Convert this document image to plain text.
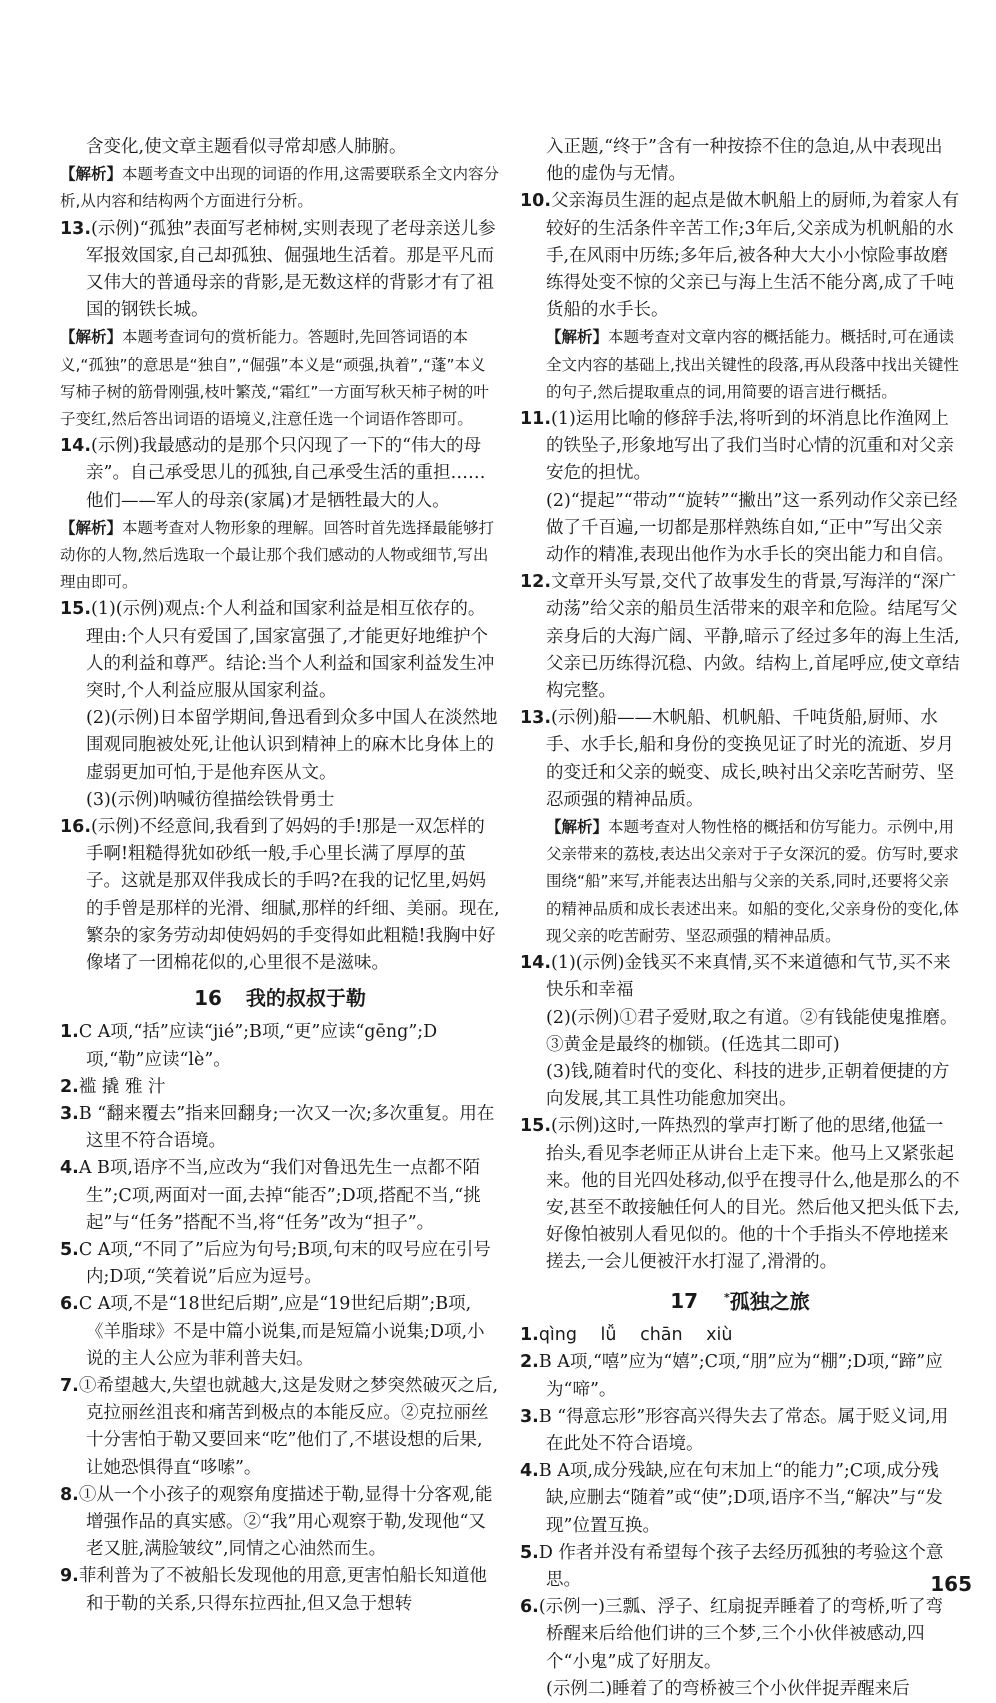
含变化,使文章主题看似寻常却感人肺腑。

【解析】本题考查文中出现的词语的作用,这需要联系全文内容分析,从内容和结构两个方面进行分析。

13.(示例)“孤独”表面写老柿树,实则表现了老母亲送儿参军报效国家,自己却孤独、倔强地生活着。那是平凡而又伟大的普通母亲的背影,是无数这样的背影才有了祖国的钢铁长城。

【解析】本题考查词句的赏析能力。答题时,先回答词语的本义,“孤独”的意思是“独自”,“倔强”本义是“顽强,执着”,“蓬”本义写柿子树的筋骨刚强,枝叶繁茂,“霜红”一方面写秋天柿子树的叶子变红,然后答出词语的语境义,注意任选一个词语作答即可。

14.(示例)我最感动的是那个只闪现了一下的“伟大的母亲”。自己承受思儿的孤独,自己承受生活的重担……他们——军人的母亲(家属)才是牺牲最大的人。

【解析】本题考查对人物形象的理解。回答时首先选择最能够打动你的人物,然后选取一个最让那个我们感动的人物或细节,写出理由即可。

15.(1)(示例)观点:个人利益和国家利益是相互依存的。理由:个人只有爱国了,国家富强了,才能更好地维护个人的利益和尊严。结论:当个人利益和国家利益发生冲突时,个人利益应服从国家利益。

(2)(示例)日本留学期间,鲁迅看到众多中国人在淡然地围观同胞被处死,让他认识到精神上的麻木比身体上的虚弱更加可怕,于是他弃医从文。

(3)(示例)呐喊彷徨描绘铁骨勇士

16.(示例)不经意间,我看到了妈妈的手!那是一双怎样的手啊!粗糙得犹如砂纸一般,手心里长满了厚厚的茧子。这就是那双伴我成长的手吗?在我的记忆里,妈妈的手曾是那样的光滑、细腻,那样的纤细、美丽。现在,繁杂的家务劳动却使妈妈的手变得如此粗糙!我胸中好像堵了一团棉花似的,心里很不是滋味。

16 我的叔叔于勒

1.C A项,“括”应读“jié”;B项,“更”应读“gēng”;D项,“勒”应读“lè”。

2.褴 撬 雅 汁

3.B “翻来覆去”指来回翻身;一次又一次;多次重复。用在这里不符合语境。

4.A B项,语序不当,应改为“我们对鲁迅先生一点都不陌生”;C项,两面对一面,去掉“能否”;D项,搭配不当,“挑起”与“任务”搭配不当,将“任务”改为“担子”。

5.C A项,“不同了”后应为句号;B项,句末的叹号应在引号内;D项,“笑着说”后应为逗号。

6.C A项,不是“18世纪后期”,应是“19世纪后期”;B项,《羊脂球》不是中篇小说集,而是短篇小说集;D项,小说的主人公应为菲利普夫妇。

7.①希望越大,失望也就越大,这是发财之梦突然破灭之后,克拉丽丝沮丧和痛苦到极点的本能反应。②克拉丽丝十分害怕于勒又要回来“吃”他们了,不堪设想的后果,让她恐惧得直“哆嗦”。

8.①从一个小孩子的观察角度描述于勒,显得十分客观,能增强作品的真实感。②“我”用心观察于勒,发现他“又老又脏,满脸皱纹”,同情之心油然而生。

9.菲利普为了不被船长发现他的用意,更害怕船长知道他和于勒的关系,只得东拉西扯,但又急于想转

入正题,“终于”含有一种按捺不住的急迫,从中表现出他的虚伪与无情。

10.父亲海员生涯的起点是做木帆船上的厨师,为着家人有较好的生活条件辛苦工作;3年后,父亲成为机帆船的水手,在风雨中历练;多年后,被各种大大小小惊险事故磨练得处变不惊的父亲已与海上生活不能分离,成了千吨货船的水手长。

【解析】本题考查对文章内容的概括能力。概括时,可在通读全文内容的基础上,找出关键性的段落,再从段落中找出关键性的句子,然后提取重点的词,用简要的语言进行概括。

11.(1)运用比喻的修辞手法,将听到的坏消息比作渔网上的铁坠子,形象地写出了我们当时心情的沉重和对父亲安危的担忧。

(2)“提起”“带动”“旋转”“撇出”这一系列动作父亲已经做了千百遍,一切都是那样熟练自如,“正中”写出父亲动作的精准,表现出他作为水手长的突出能力和自信。

12.文章开头写景,交代了故事发生的背景,写海洋的“深广动荡”给父亲的船员生活带来的艰辛和危险。结尾写父亲身后的大海广阔、平静,暗示了经过多年的海上生活,父亲已历练得沉稳、内敛。结构上,首尾呼应,使文章结构完整。

13.(示例)船——木帆船、机帆船、千吨货船,厨师、水手、水手长,船和身份的变换见证了时光的流逝、岁月的变迁和父亲的蜕变、成长,映衬出父亲吃苦耐劳、坚忍顽强的精神品质。

【解析】本题考查对人物性格的概括和仿写能力。示例中,用父亲带来的荔枝,表达出父亲对于子女深沉的爱。仿写时,要求围绕“船”来写,并能表达出船与父亲的关系,同时,还要将父亲的精神品质和成长表述出来。如船的变化,父亲身份的变化,体现父亲的吃苦耐劳、坚忍顽强的精神品质。

14.(1)(示例)金钱买不来真情,买不来道德和气节,买不来快乐和幸福

(2)(示例)①君子爱财,取之有道。②有钱能使鬼推磨。③黄金是最终的枷锁。(任选其二即可)

(3)钱,随着时代的变化、科技的进步,正朝着便捷的方向发展,其工具性功能愈加突出。

15.(示例)这时,一阵热烈的掌声打断了他的思绪,他猛一抬头,看见李老师正从讲台上走下来。他马上又紧张起来。他的目光四处移动,似乎在搜寻什么,他是那么的不安,甚至不敢接触任何人的目光。然后他又把头低下去,好像怕被别人看见似的。他的十个手指头不停地搓来搓去,一会儿便被汗水打湿了,滑滑的。

17 *孤独之旅

1.qìng lǚ chān xiù

2.B A项,“嘻”应为“嬉”;C项,“朋”应为“棚”;D项,“蹄”应为“啼”。

3.B “得意忘形”形容高兴得失去了常态。属于贬义词,用在此处不符合语境。

4.B A项,成分残缺,应在句末加上“的能力”;C项,成分残缺,应删去“随着”或“使”;D项,语序不当,“解决”与“发现”位置互换。

5.D 作者并没有希望每个孩子去经历孤独的考验这个意思。

6.(示例一)三瓢、浮子、红扇捉弄睡着了的弯桥,听了弯桥醒来后给他们讲的三个梦,三个小伙伴被感动,四个“小鬼”成了好朋友。

(示例二)睡着了的弯桥被三个小伙伴捉弄醒来后

165
